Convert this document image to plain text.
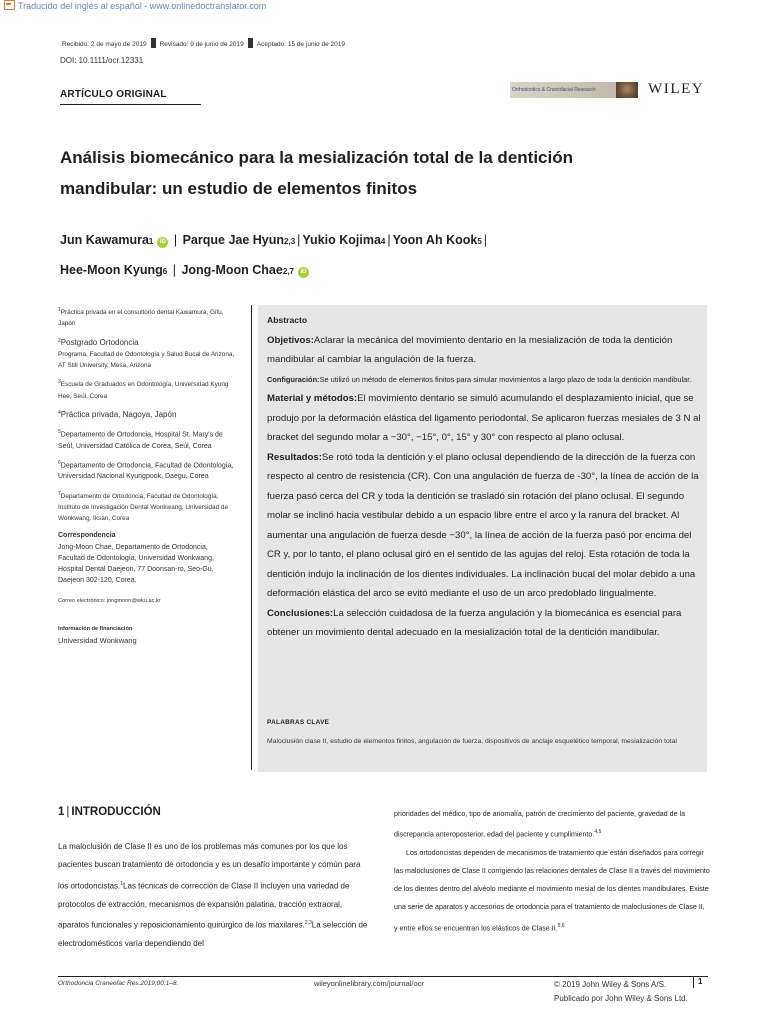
Traducido del inglés al español - www.onlinedoctranslator.com
Recibido: 2 de mayo de 2019 Revisado: 9 de junio de 2019 Aceptado: 15 de junio de 2019
DOI: 10.1111/ocr.12331
ARTÍCULO ORIGINAL	Orthodontics & Craniofacial Research	WILEY
Análisis biomecánico para la mesialización total de la dentición mandibular: un estudio de elementos finitos
Jun Kawamura1 iD | Parque Jae Hyun2,3 | Yukio Kojima4 | Yoon Ah Kook5 |
Hee-Moon Kyung6 | Jong-Moon Chae2,7 iD

$^1$Práctica privada en el consultorio dental Kawamura, Gifu, Japón

$^2$Postgrado Ortodoncia
Programa, Facultad de Odontología y Salud Bucal de Arizona, AT Still University, Mesa, Arizona

$^3$Escuela de Graduados en Odontología, Universidad Kyung Hee, Seúl, Corea

$^4$Práctica privada, Nagoya, Japón

$^5$Departamento de Ortodoncia, Hospital St. Mary's de Seúl, Universidad Católica de Corea, Seúl, Corea

$^6$Departamento de Ortodoncia, Facultad de Odontología, Universidad Nacional Kyungpook, Daegu, Corea

$^7$Departamento de Ortodoncia, Facultad de Odontología, Instituto de Investigación Dental Wonkwang, Universidad de Wonkwang, Iksan, Corea

Correspondencia
Jong-Moon Chae, Departamento de Ortodoncia, Facultad de Odontología, Universidad Wonkwang, Hospital Dental Daejeon, 77 Doonsan-ro, Seo-Gu, Daejeon 302-120, Corea.
Correo electrónico: jongmoon@wku.ac.kr
Información de financiación
Universidad Wonkwang

Abstracto

Objetivos:Aclarar la mecánica del movimiento dentario en la mesialización de toda la dentición mandibular al cambiar la angulación de la fuerza.

Configuración:Se utilizó un método de elementos finitos para simular movimientos a largo plazo de toda la dentición mandibular.

Material y métodos:El movimiento dentario se simuló acumulando el desplazamiento inicial, que se produjo por la deformación elástica del ligamento periodontal. Se aplicaron fuerzas mesiales de 3 N al bracket del segundo molar a −30°, −15°, 0°, 15° y 30° con respecto al plano oclusal.

Resultados:Se rotó toda la dentición y el plano oclusal dependiendo de la dirección de la fuerza con respecto al centro de resistencia (CR). Con una angulación de fuerza de -30°, la línea de acción de la fuerza pasó cerca del CR y toda la dentición se trasladó sin rotación del plano oclusal. El segundo molar se inclinó hacia vestibular debido a un espacio libre entre el arco y la ranura del bracket. Al aumentar una angulación de fuerza desde −30°, la línea de acción de la fuerza pasó por encima del CR y, por lo tanto, el plano oclusal giró en el sentido de las agujas del reloj. Esta rotación de toda la dentición indujo la inclinación de los dientes individuales. La inclinación bucal del molar debido a una deformación elástica del arco se evitó mediante el uso de un arco predoblado lingualmente. Conclusiones:La selección cuidadosa de la fuerza angulación y la biomecánica es esencial para obtener un movimiento dental adecuado en la mesialización total de la dentición mandibular.

PALABRAS CLAVE
Maloclusión clase II, estudio de elementos finitos, angulación de fuerza, dispositivos de anclaje esquelético temporal, mesialización total
1 | INTRODUCCIÓN
La maloclusión de Clase II es uno de los problemas más comunes por los que los pacientes buscan tratamiento de ortodoncia y es un desafío importante y común para los ortodoncistas.$^1$Las técnicas de corrección de Clase II incluyen una variedad de protocolos de extracción, mecanismos de expansión palatina, tracción extraoral, aparatos funcionales y reposicionamiento quirúrgico de los maxilares.$^{2,3}$La selección de electrodomésticos varía dependiendo del

prioridades del médico, tipo de anomalía, patrón de crecimiento del paciente, gravedad de la discrepancia anteroposterior, edad del paciente y cumplimiento.$^{4,5}$

Los ortodoncistas dependen de mecanismos de tratamiento que están diseñados para corregir las maloclusiones de Clase II corrigiendo las relaciones dentales de Clase II a través del movimiento de los dientes dentro del alvéolo mediante el movimiento mesial de los dientes mandibulares. Existe una serie de aparatos y accesorios de ortodoncia para el tratamiento de maloclusiones de Clase II, y entre ellos se encuentran los elásticos de Clase II.$^{5,6}$

Orthodoncia Craneofac Res.2019;00:1–8.	wileyonlinelibrary.com/journal/ocr	© 2019 John Wiley & Sons A/S.
Publicado por John Wiley & Sons Ltd.
1
